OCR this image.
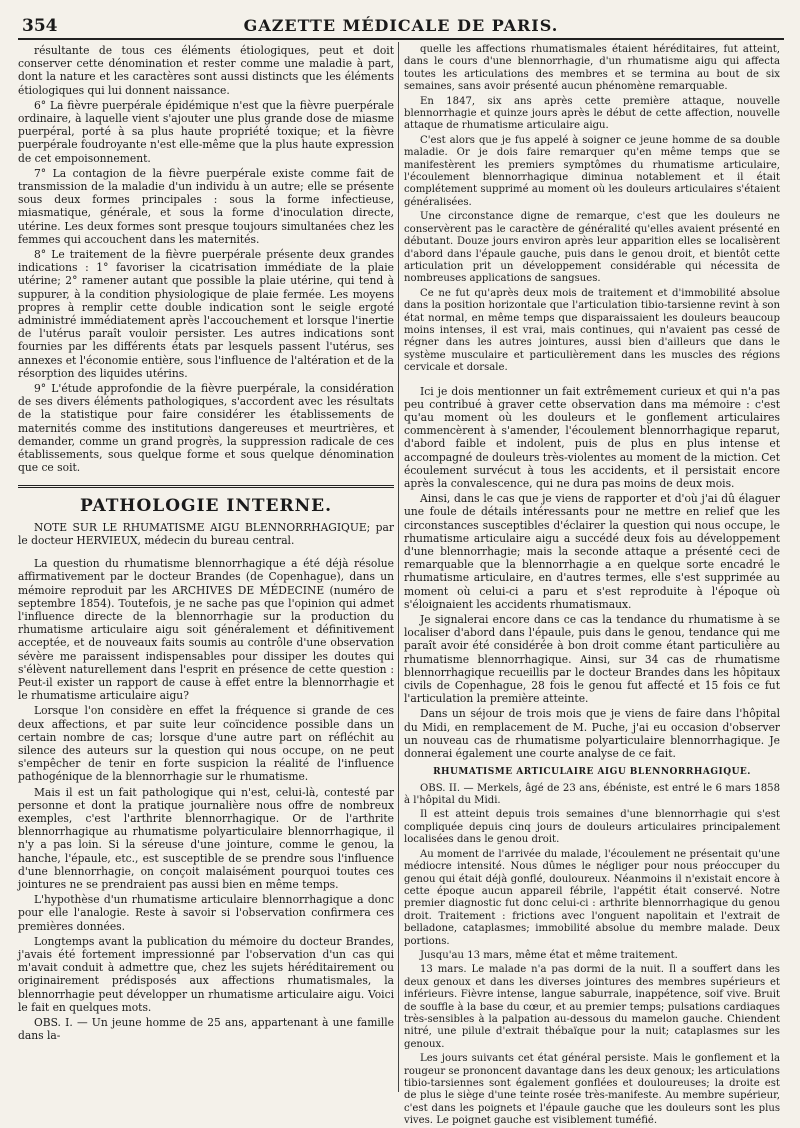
354	GAZETTE MÉDICALE DE PARIS.

résultante de tous ces éléments étiologiques, peut et doit conserver cette dénomination et rester comme une maladie à part, dont la nature et les caractères sont aussi distincts que les éléments étiologiques qui lui donnent naissance.

6° La fièvre puerpérale épidémique n'est que la fièvre puerpérale ordinaire, à laquelle vient s'ajouter une plus grande dose de miasme puerpéral, porté à sa plus haute propriété toxique; et la fièvre puerpérale foudroyante n'est elle-même que la plus haute expression de cet empoisonnement.

7° La contagion de la fièvre puerpérale existe comme fait de transmission de la maladie d'un individu à un autre; elle se présente sous deux formes principales : sous la forme infectieuse, miasmatique, générale, et sous la forme d'inoculation directe, utérine. Les deux formes sont presque toujours simultanées chez les femmes qui accouchent dans les maternités.

8° Le traitement de la fièvre puerpérale présente deux grandes indications : 1° favoriser la cicatrisation immédiate de la plaie utérine; 2° ramener autant que possible la plaie utérine, qui tend à suppurer, à la condition physiologique de plaie fermée. Les moyens propres à remplir cette double indication sont le seigle ergoté administré immédiatement après l'accouchement et lorsque l'inertie de l'utérus paraît vouloir persister. Les autres indications sont fournies par les différents états par lesquels passent l'utérus, ses annexes et l'économie entière, sous l'influence de l'altération et de la résorption des liquides utérins.

9° L'étude approfondie de la fièvre puerpérale, la considération de ses divers éléments pathologiques, s'accordent avec les résultats de la statistique pour faire considérer les établissements de maternités comme des institutions dangereuses et meurtrières, et demander, comme un grand progrès, la suppression radicale de ces établissements, sous quelque forme et sous quelque dénomination que ce soit.

PATHOLOGIE INTERNE.
NOTE SUR LE RHUMATISME AIGU BLENNORRHAGIQUE; par le docteur HERVIEUX, médecin du bureau central.

La question du rhumatisme blennorrhagique a été déjà résolue affirmativement par le docteur Brandes (de Copenhague), dans un mémoire reproduit par les ARCHIVES DE MÉDECINE (numéro de septembre 1854). Toutefois, je ne sache pas que l'opinion qui admet l'influence directe de la blennorrhagie sur la production du rhumatisme articulaire aigu soit généralement et définitivement acceptée, et de nouveaux faits soumis au contrôle d'une observation sévère me paraissent indispensables pour dissiper les doutes qui s'élèvent naturellement dans l'esprit en présence de cette question : Peut-il exister un rapport de cause à effet entre la blennorrhagie et le rhumatisme articulaire aigu?

Lorsque l'on considère en effet la fréquence si grande de ces deux affections, et par suite leur coïncidence possible dans un certain nombre de cas; lorsque d'une autre part on réfléchit au silence des auteurs sur la question qui nous occupe, on ne peut s'empêcher de tenir en forte suspicion la réalité de l'influence pathogénique de la blennorrhagie sur le rhumatisme.

Mais il est un fait pathologique qui n'est, celui-là, contesté par personne et dont la pratique journalière nous offre de nombreux exemples, c'est l'arthrite blennorrhagique. Or de l'arthrite blennorrhagique au rhumatisme polyarticulaire blennorrhagique, il n'y a pas loin. Si la séreuse d'une jointure, comme le genou, la hanche, l'épaule, etc., est susceptible de se prendre sous l'influence d'une blennorrhagie, on conçoit malaisément pourquoi toutes ces jointures ne se prendraient pas aussi bien en même temps.

L'hypothèse d'un rhumatisme articulaire blennorrhagique a donc pour elle l'analogie. Reste à savoir si l'observation confirmera ces premières données.

Longtemps avant la publication du mémoire du docteur Brandes, j'avais été fortement impressionné par l'observation d'un cas qui m'avait conduit à admettre que, chez les sujets héréditairement ou originairement prédisposés aux affections rhumatismales, la blennorrhagie peut développer un rhumatisme articulaire aigu. Voici le fait en quelques mots.

OBS. I. — Un jeune homme de 25 ans, appartenant à une famille dans la-

quelle les affections rhumatismales étaient héréditaires, fut atteint, dans le cours d'une blennorrhagie, d'un rhumatisme aigu qui affecta toutes les articulations des membres et se termina au bout de six semaines, sans avoir présenté aucun phénomène remarquable.

En 1847, six ans après cette première attaque, nouvelle blennorrhagie et quinze jours après le début de cette affection, nouvelle attaque de rhumatisme articulaire aigu.

C'est alors que je fus appelé à soigner ce jeune homme de sa double maladie. Or je dois faire remarquer qu'en même temps que se manifestèrent les premiers symptômes du rhumatisme articulaire, l'écoulement blennorrhagique diminua notablement et il était complétement supprimé au moment où les douleurs articulaires s'étaient généralisées.

Une circonstance digne de remarque, c'est que les douleurs ne conservèrent pas le caractère de généralité qu'elles avaient présenté en débutant. Douze jours environ après leur apparition elles se localisèrent d'abord dans l'épaule gauche, puis dans le genou droit, et bientôt cette articulation prit un développement considérable qui nécessita de nombreuses applications de sangsues.

Ce ne fut qu'après deux mois de traitement et d'immobilité absolue dans la position horizontale que l'articulation tibio-tarsienne revint à son état normal, en même temps que disparaissaient les douleurs beaucoup moins intenses, il est vrai, mais continues, qui n'avaient pas cessé de régner dans les autres jointures, aussi bien d'ailleurs que dans le système musculaire et particulièrement dans les muscles des régions cervicale et dorsale.

Ici je dois mentionner un fait extrêmement curieux et qui n'a pas peu contribué à graver cette observation dans ma mémoire : c'est qu'au moment où les douleurs et le gonflement articulaires commencèrent à s'amender, l'écoulement blennorrhagique reparut, d'abord faible et indolent, puis de plus en plus intense et accompagné de douleurs très-violentes au moment de la miction. Cet écoulement survécut à tous les accidents, et il persistait encore après la convalescence, qui ne dura pas moins de deux mois.

Ainsi, dans le cas que je viens de rapporter et d'où j'ai dû élaguer une foule de détails intéressants pour ne mettre en relief que les circonstances susceptibles d'éclairer la question qui nous occupe, le rhumatisme articulaire aigu a succédé deux fois au développement d'une blennorrhagie; mais la seconde attaque a présenté ceci de remarquable que la blennorrhagie a en quelque sorte encadré le rhumatisme articulaire, en d'autres termes, elle s'est supprimée au moment où celui-ci a paru et s'est reproduite à l'époque où s'éloignaient les accidents rhumatismaux.

Je signalerai encore dans ce cas la tendance du rhumatisme à se localiser d'abord dans l'épaule, puis dans le genou, tendance qui me paraît avoir été considérée à bon droit comme étant particulière au rhumatisme blennorrhagique. Ainsi, sur 34 cas de rhumatisme blennorrhagique recueillis par le docteur Brandes dans les hôpitaux civils de Copenhague, 28 fois le genou fut affecté et 15 fois ce fut l'articulation la première atteinte.

Dans un séjour de trois mois que je viens de faire dans l'hôpital du Midi, en remplacement de M. Puche, j'ai eu occasion d'observer un nouveau cas de rhumatisme polyarticulaire blennorrhagique. Je donnerai également une courte analyse de ce fait.

RHUMATISME ARTICULAIRE AIGU BLENNORRHAGIQUE.

OBS. II. — Merkels, âgé de 23 ans, ébéniste, est entré le 6 mars 1858 à l'hôpital du Midi.

Il est atteint depuis trois semaines d'une blennorrhagie qui s'est compliquée depuis cinq jours de douleurs articulaires principalement localisées dans le genou droit.

Au moment de l'arrivée du malade, l'écoulement ne présentait qu'une médiocre intensité. Nous dûmes le négliger pour nous préoccuper du genou qui était déjà gonflé, douloureux. Néanmoins il n'existait encore à cette époque aucun appareil fébrile, l'appétit était conservé. Notre premier diagnostic fut donc celui-ci : arthrite blennorrhagique du genou droit. Traitement : frictions avec l'onguent napolitain et l'extrait de belladone, cataplasmes; immobilité absolue du membre malade. Deux portions.

Jusqu'au 13 mars, même état et même traitement.

13 mars. Le malade n'a pas dormi de la nuit. Il a souffert dans les deux genoux et dans les diverses jointures des membres supérieurs et inférieurs. Fièvre intense, langue saburrale, inappétence, soif vive. Bruit de souffle à la base du cœur, et au premier temps; pulsations cardiaques très-sensibles à la palpation au-dessous du mamelon gauche. Chiendent nitré, une pilule d'extrait thébaïque pour la nuit; cataplasmes sur les genoux.

Les jours suivants cet état général persiste. Mais le gonflement et la rougeur se prononcent davantage dans les deux genoux; les articulations tibio-tarsiennes sont également gonflées et douloureuses; la droite est de plus le siège d'une teinte rosée très-manifeste. Au membre supérieur, c'est dans les poignets et l'épaule gauche que les douleurs sont les plus vives. Le poignet gauche est visiblement tuméfié.
